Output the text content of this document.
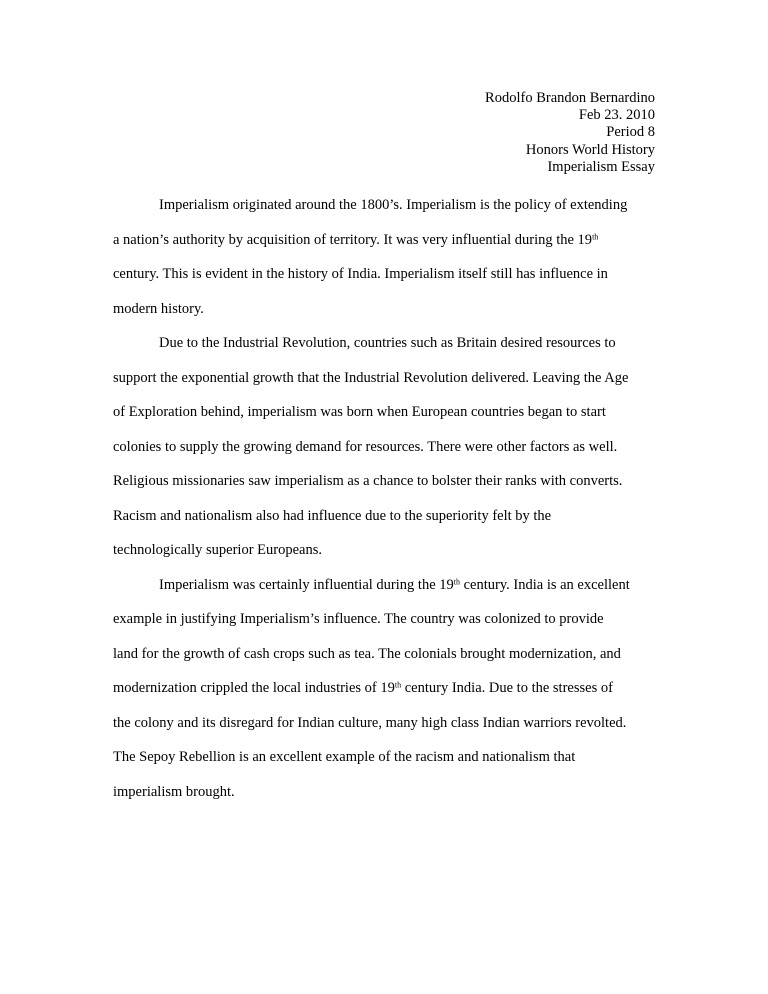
Rodolfo Brandon Bernardino
Feb 23. 2010
Period 8
Honors World History
Imperialism Essay
Imperialism originated around the 1800’s. Imperialism is the policy of extending
a nation’s authority by acquisition of territory. It was very influential during the 19th
century. This is evident in the history of India. Imperialism itself still has influence in
modern history.
Due to the Industrial Revolution, countries such as Britain desired resources to
support the exponential growth that the Industrial Revolution delivered. Leaving the Age
of Exploration behind, imperialism was born when European countries began to start
colonies to supply the growing demand for resources. There were other factors as well.
Religious missionaries saw imperialism as a chance to bolster their ranks with converts.
Racism and nationalism also had influence due to the superiority felt by the
technologically superior Europeans.
Imperialism was certainly influential during the 19th century. India is an excellent
example in justifying Imperialism’s influence. The country was colonized to provide
land for the growth of cash crops such as tea. The colonials brought modernization, and
modernization crippled the local industries of 19th century India. Due to the stresses of
the colony and its disregard for Indian culture, many high class Indian warriors revolted.
The Sepoy Rebellion is an excellent example of the racism and nationalism that
imperialism brought.
